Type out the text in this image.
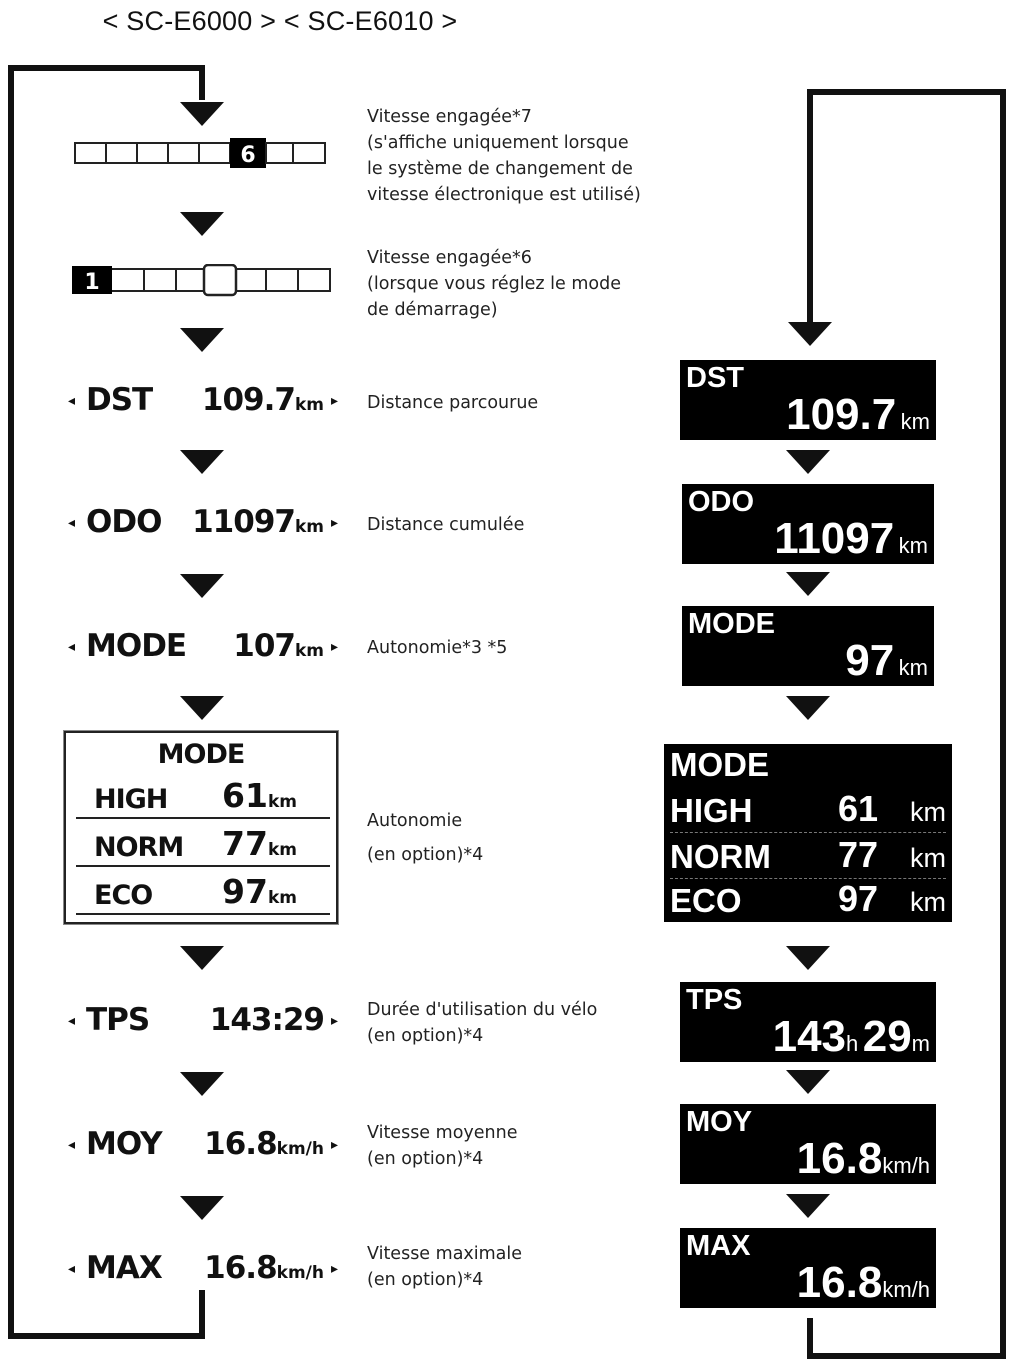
< SC-E6000 > < SC-E6010 >
6
Vitesse engagée*7
(s'affiche uniquement lorsque
le système de changement de
vitesse électronique est utilisé)
1
Vitesse engagée*6
(lorsque vous réglez le mode
de démarrage)
◂ DST 109.7km ▸ Distance parcourue
◂ ODO 11097km ▸ Distance cumulée
◂ MODE 107km ▸ Autonomie*3 *5
MODE
HIGH 61km
NORM 77km
ECO 97km
Autonomie
(en option)*4
◂ TPS 143:29 ▸
Durée d'utilisation du vélo
(en option)*4
◂ MOY 16.8km/h ▸
Vitesse moyenne
(en option)*4
◂ MAX 16.8km/h ▸
Vitesse maximale
(en option)*4
DST
109.7 km
ODO
11097 km
MODE
97 km
MODE
HIGH 61 km
NORM 77 km
ECO	97 km
TPS
143h 29m
MOY
16.8km/h
MAX
16.8km/h
